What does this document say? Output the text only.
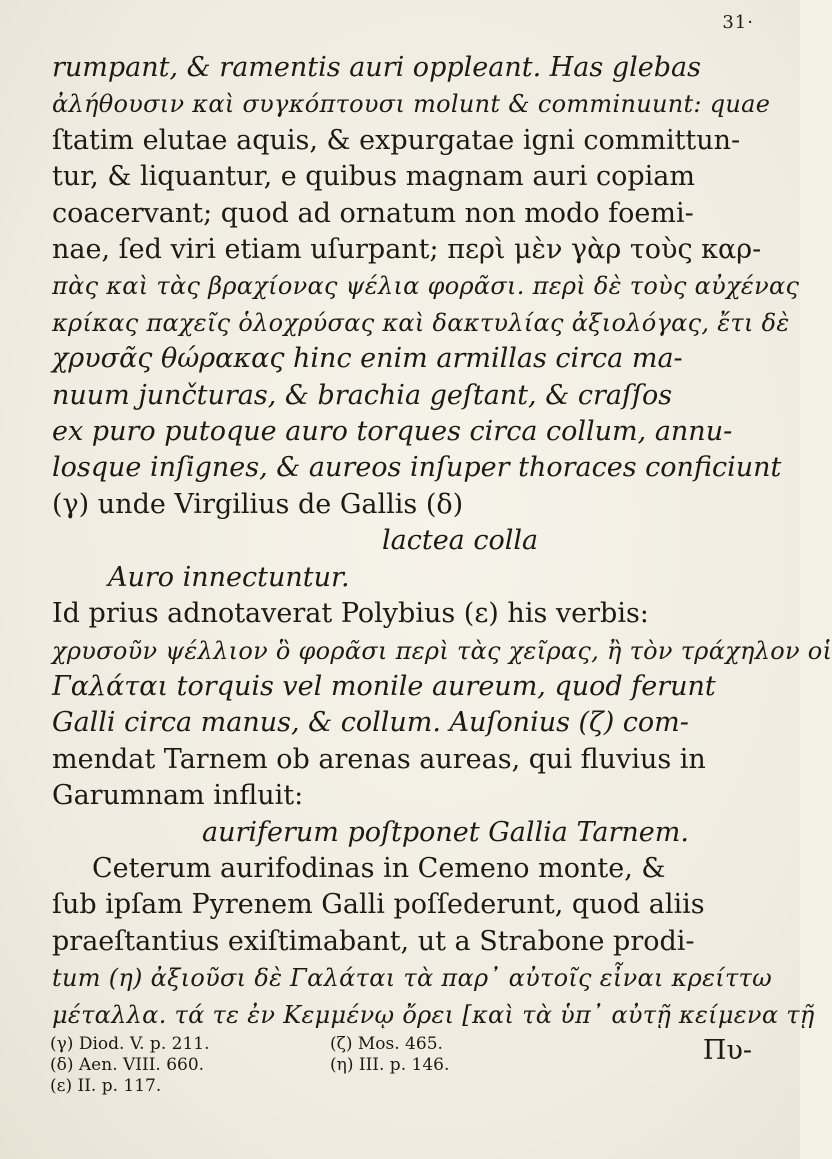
31·
rumpant, & ramentis auri oppleant. Has glebas
ἀλήθουσιν καὶ συγκόπτουσι molunt & comminuunt: quae
ſtatim elutae aquis, & expurgatae igni committun-
tur, & liquantur, e quibus magnam auri copiam
coacervant; quod ad ornatum non modo foemi-
nae, ſed viri etiam uſurpant; περὶ μὲν γὰρ τοὺς καρ-
πὰς καὶ τὰς βραχίονας ψέλια φορᾶσι. περὶ δὲ τοὺς αὐχένας
κρίκας παχεῖς ὁλοχρύσας καὶ δακτυλίας ἀξιολόγας, ἔτι δὲ
χρυσᾶς θώρακας hinc enim armillas circa ma-
nuum junčturas, & brachia geſtant, & craſſos
ex puro putoque auro torques circa collum, annu-
losque inſignes, & aureos inſuper thoraces conficiunt
(γ) unde Virgilius de Gallis (δ)
lactea colla
Auro innectuntur.
Id prius adnotaverat Polybius (ε) his verbis:
χρυσοῦν ψέλλιον ὃ φορᾶσι περὶ τὰς χεῖρας, ἢ τὸν τράχηλον οἱ
Γαλάται torquis vel monile aureum, quod ferunt
Galli circa manus, & collum. Auſonius (ζ) com-
mendat Tarnem ob arenas aureas, qui fluvius in
Garumnam influit:
auriferum poſtponet Gallia Tarnem.
Ceterum aurifodinas in Cemeno monte, &
ſub ipſam Pyrenem Galli poſſederunt, quod aliis
praeſtantius exiſtimabant, ut a Strabone prodi-
tum (η) ἀξιοῦσι δὲ Γαλάται τὰ παρ᾽ αὐτοῖς εἶναι κρείττω
μέταλλα. τά τε ἐν Κεμμένῳ ὄρει [καὶ τὰ ὑπ᾽ αὐτῇ κείμενα τῇ
Πυ-
(γ) Diod. V. p. 211.
(δ) Aen. VIII. 660.
(ε) II. p. 117.
(ζ) Mos. 465.
(η) III. p. 146.
